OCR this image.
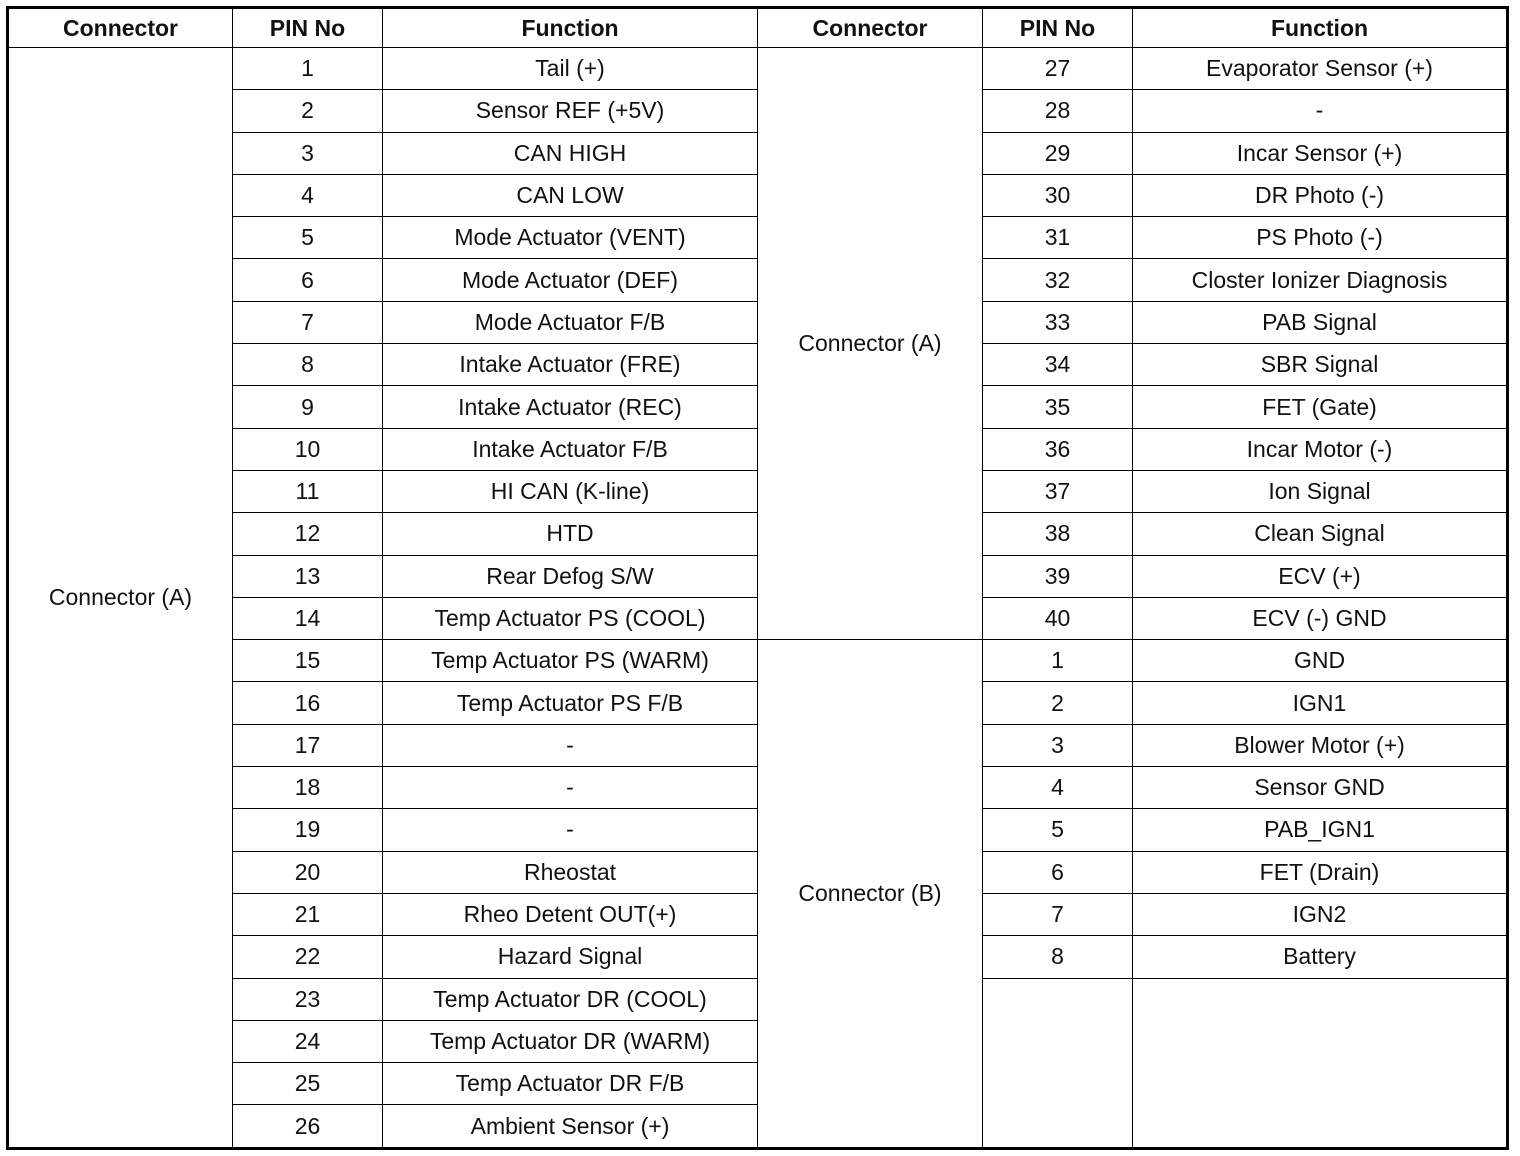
Connector	PIN No	Function	Connector	PIN No	Function
Connector (A)	1	Tail (+)	Connector (A)	27	Evaporator Sensor (+)
	2	Sensor REF (+5V)		28	-
	3	CAN HIGH		29	Incar Sensor (+)
	4	CAN LOW		30	DR Photo (-)
	5	Mode Actuator (VENT)		31	PS Photo (-)
	6	Mode Actuator (DEF)		32	Closter Ionizer Diagnosis
	7	Mode Actuator F/B		33	PAB Signal
	8	Intake Actuator (FRE)		34	SBR Signal
	9	Intake Actuator (REC)		35	FET (Gate)
	10	Intake Actuator F/B		36	Incar Motor (-)
	11	HI CAN (K-line)		37	Ion Signal
	12	HTD		38	Clean Signal
	13	Rear Defog S/W		39	ECV (+)
	14	Temp Actuator PS (COOL)		40	ECV (-) GND
	15	Temp Actuator PS (WARM)	Connector (B)	1	GND
	16	Temp Actuator PS F/B		2	IGN1
	17	-		3	Blower Motor (+)
	18	-		4	Sensor GND
	19	-		5	PAB_IGN1
	20	Rheostat		6	FET (Drain)
	21	Rheo Detent OUT(+)		7	IGN2
	22	Hazard Signal		8	Battery
	23	Temp Actuator DR (COOL)			
	24	Temp Actuator DR (WARM)			
	25	Temp Actuator DR F/B			
	26	Ambient Sensor (+)			
